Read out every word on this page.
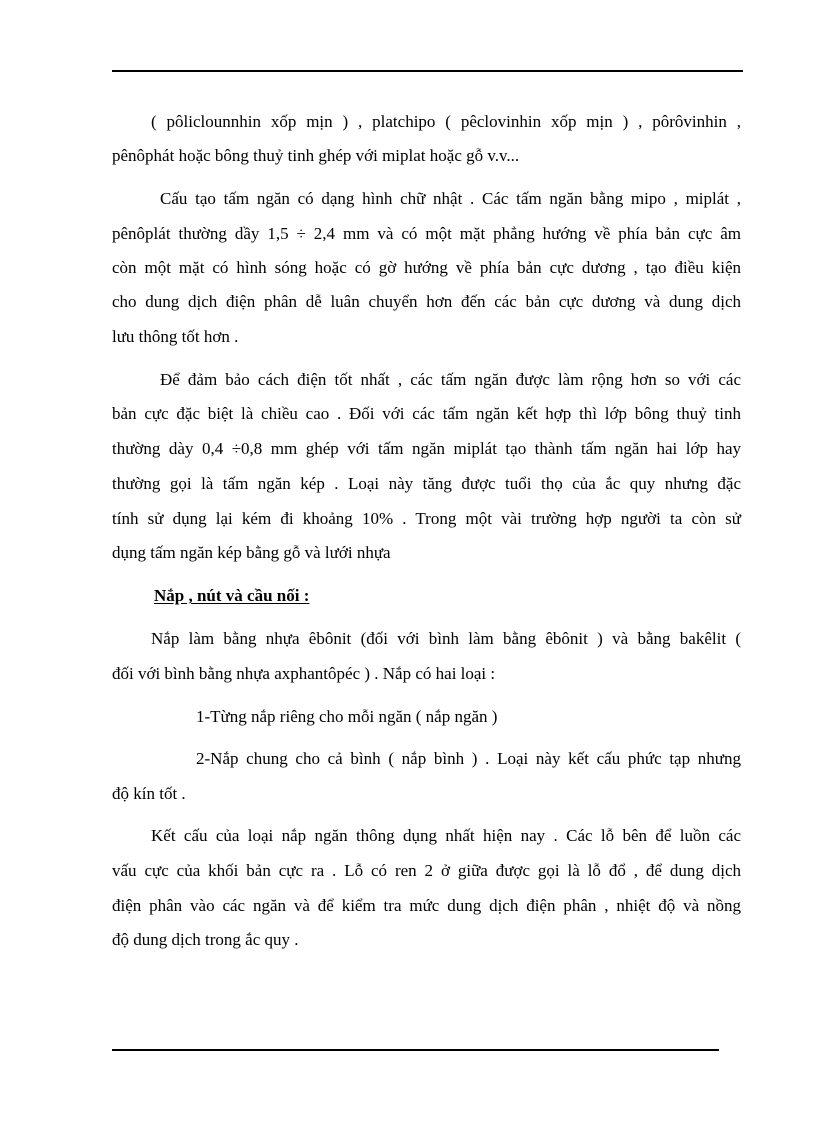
( pôliclounnhin xốp mịn ) , platchipo ( pêclovinhin xốp mịn ) , pôrôvinhin ,
pênôphát hoặc bông thuỷ tinh ghép với miplat hoặc gỗ v.v...
Cấu tạo tấm ngăn có dạng hình chữ nhật . Các tấm ngăn bằng mipo , miplát ,
pênôplát thường dầy 1,5 ÷ 2,4 mm và có một mặt phẳng hướng về phía bản cực âm
còn một mặt có hình sóng hoặc có gờ hướng về phía bản cực dương , tạo điều kiện
cho dung dịch điện phân dễ luân chuyển hơn đến các bản cực dương và dung dịch
lưu thông tốt hơn .
Để đảm bảo cách điện tốt nhất , các tấm ngăn được làm rộng hơn so với các
bản cực đặc biệt là chiều cao . Đối với các tấm ngăn kết hợp thì lớp bông thuỷ tinh
thường dày 0,4 ÷0,8 mm ghép với tấm ngăn miplát tạo thành tấm ngăn hai lớp hay
thường gọi là tấm ngăn kép . Loại này tăng được tuổi thọ của ắc quy nhưng đặc
tính sử dụng lại kém đi khoảng 10% . Trong một vài trường hợp người ta còn sử
dụng tấm ngăn kép bằng gỗ và lưới nhựa
Nắp , nút và cầu nối :
Nắp làm bằng nhựa êbônit (đối với bình làm bằng êbônit ) và bằng bakêlit (
đối với bình bằng nhựa axphantôpéc ) . Nắp có hai loại :
1-Từng nắp riêng cho mỗi ngăn ( nắp ngăn )
2-Nắp chung cho cả bình ( nắp bình ) . Loại này kết cấu phức tạp nhưng
độ kín tốt .
Kết cấu của loại nắp ngăn thông dụng nhất hiện nay . Các lỗ bên để luồn các
vấu cực của khối bản cực ra . Lỗ có ren 2 ở giữa được gọi là lỗ đổ , để dung dịch
điện phân vào các ngăn và để kiểm tra mức dung dịch điện phân , nhiệt độ và nồng
độ dung dịch trong ắc quy .
